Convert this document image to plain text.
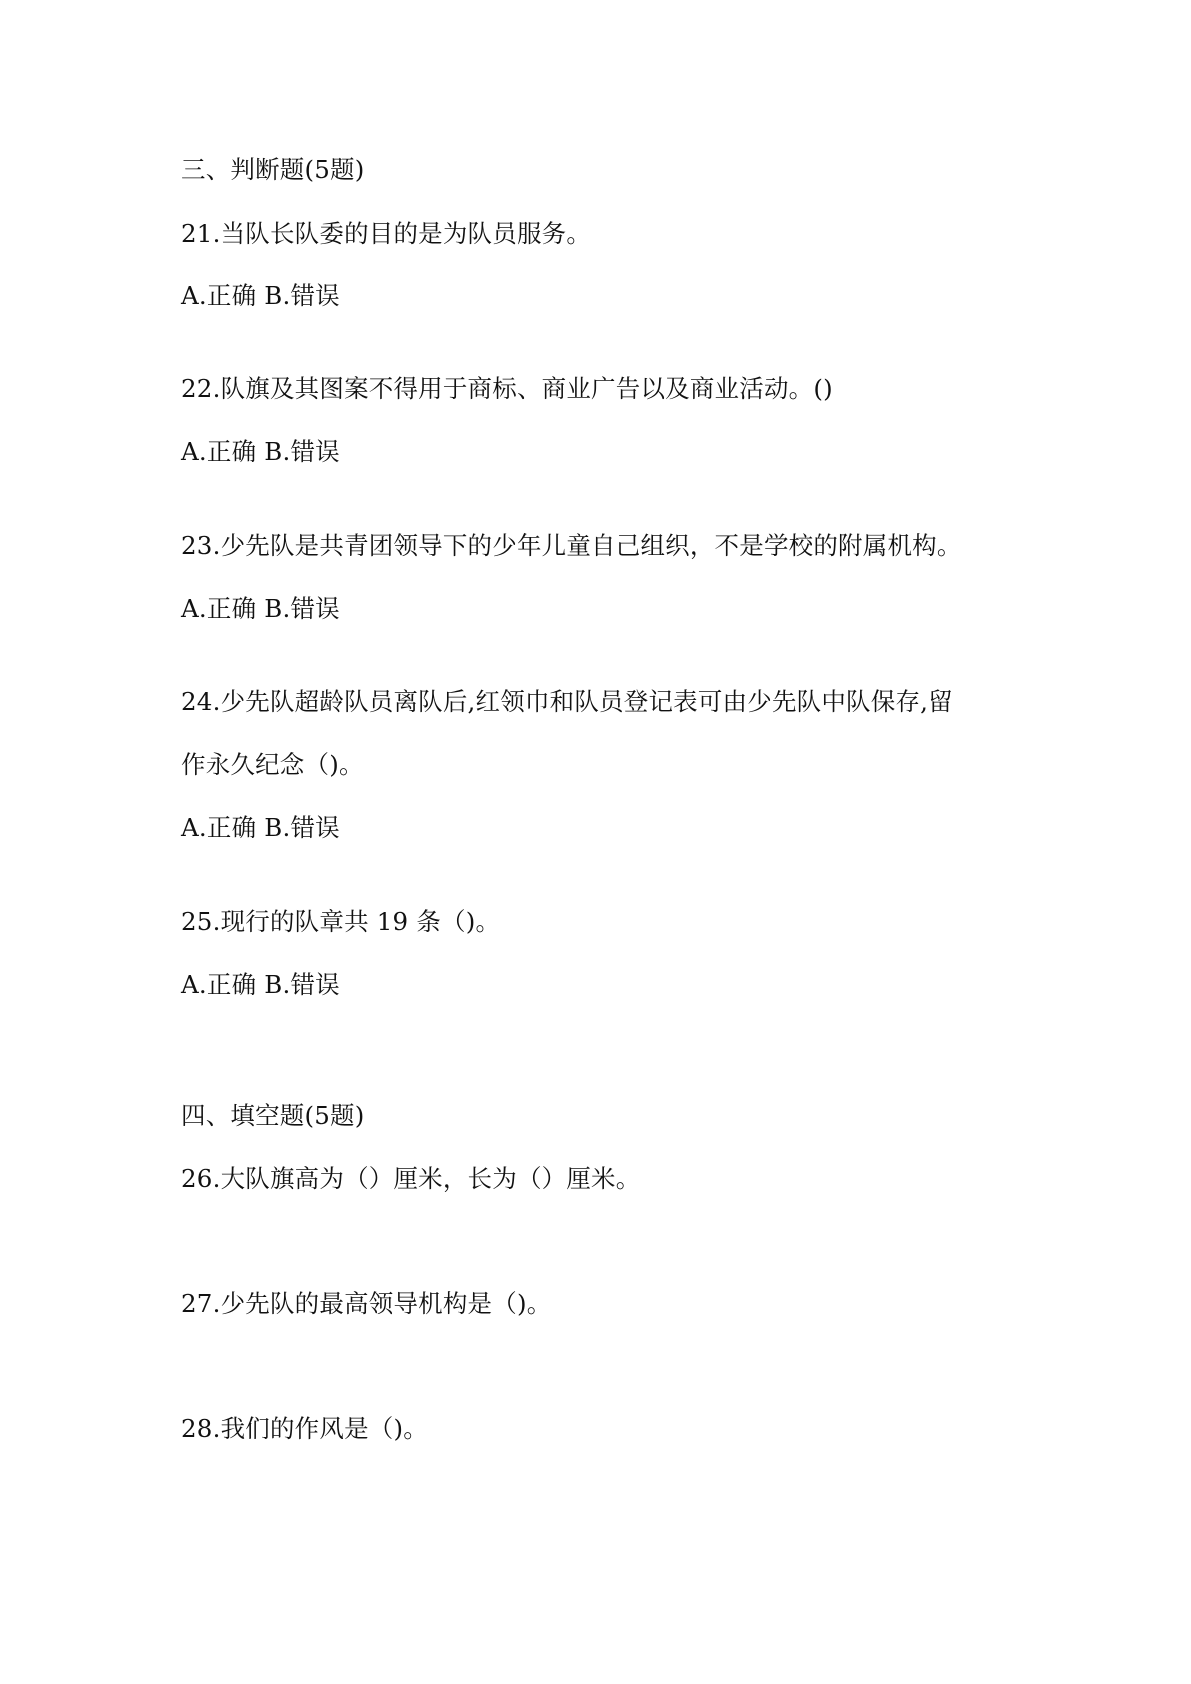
三、判断题(5题)
21.当队长队委的目的是为队员服务。
A.正确 B.错误
22.队旗及其图案不得用于商标、商业广告以及商业活动。()
A.正确 B.错误
23.少先队是共青团领导下的少年儿童自己组织，不是学校的附属机构。
A.正确 B.错误
24.少先队超龄队员离队后,红领巾和队员登记表可由少先队中队保存,留
作永久纪念（)。
A.正确 B.错误
25.现行的队章共 19 条（)。
A.正确 B.错误
四、填空题(5题)
26.大队旗高为（）厘米，长为（）厘米。
27.少先队的最高领导机构是（)。
28.我们的作风是（)。
